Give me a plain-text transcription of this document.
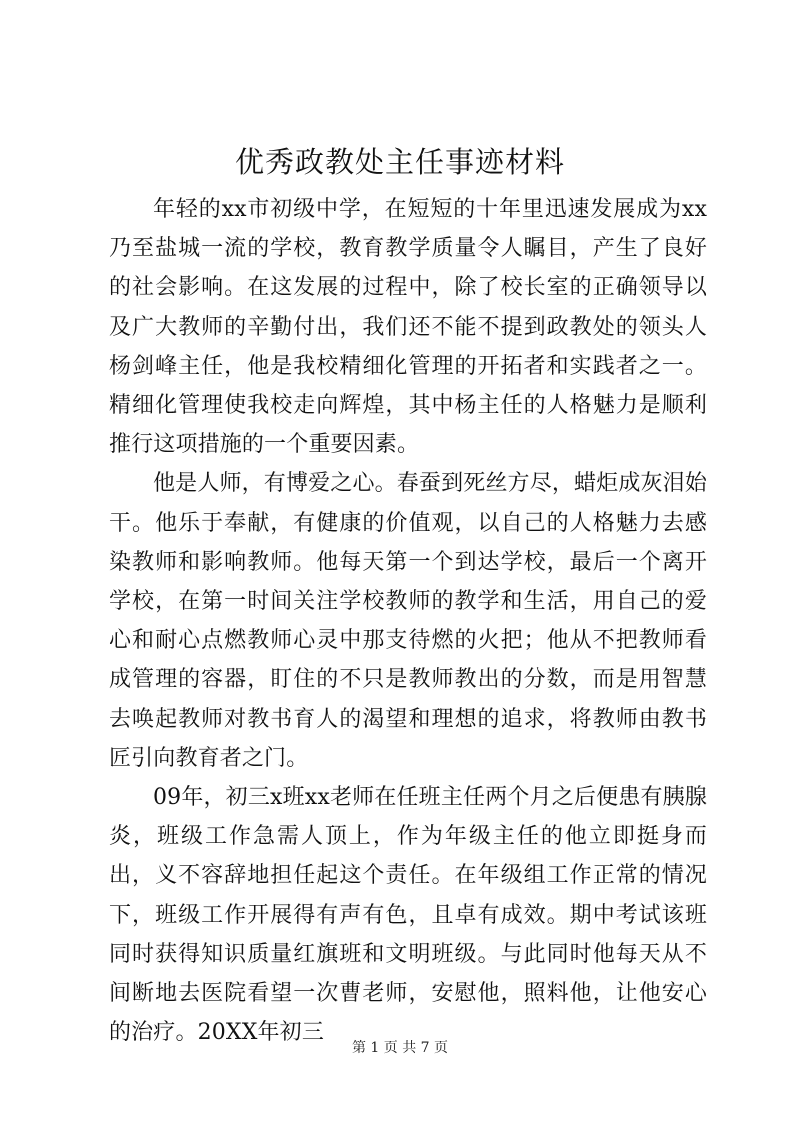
优秀政教处主任事迹材料

年轻的xx市初级中学，在短短的十年里迅速发展成为xx乃至盐城一流的学校，教育教学质量令人瞩目，产生了良好的社会影响。在这发展的过程中，除了校长室的正确领导以及广大教师的辛勤付出，我们还不能不提到政教处的领头人杨剑峰主任，他是我校精细化管理的开拓者和实践者之一。精细化管理使我校走向辉煌，其中杨主任的人格魅力是顺利推行这项措施的一个重要因素。

他是人师，有博爱之心。春蚕到死丝方尽，蜡炬成灰泪始干。他乐于奉献，有健康的价值观，以自己的人格魅力去感染教师和影响教师。他每天第一个到达学校，最后一个离开学校，在第一时间关注学校教师的教学和生活，用自己的爱心和耐心点燃教师心灵中那支待燃的火把；他从不把教师看成管理的容器，盯住的不只是教师教出的分数，而是用智慧去唤起教师对教书育人的渴望和理想的追求，将教师由教书匠引向教育者之门。

09年，初三x班xx老师在任班主任两个月之后便患有胰腺炎，班级工作急需人顶上，作为年级主任的他立即挺身而出，义不容辞地担任起这个责任。在年级组工作正常的情况下，班级工作开展得有声有色，且卓有成效。期中考试该班同时获得知识质量红旗班和文明班级。与此同时他每天从不间断地去医院看望一次曹老师，安慰他，照料他，让他安心的治疗。20XX年初三

第 1 页 共 7 页
